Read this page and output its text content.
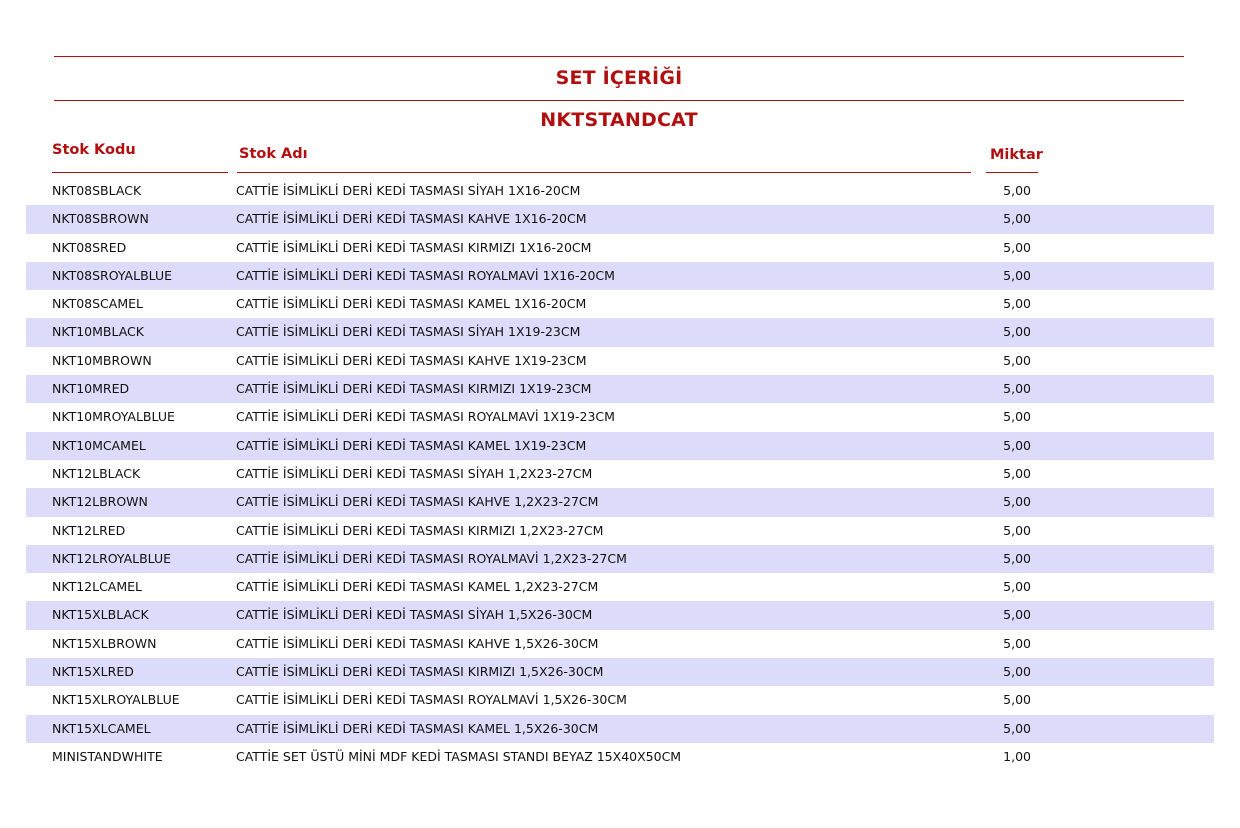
SET İÇERİĞİ
NKTSTANDCAT
Stok Kodu	Stok Adı	Miktar
NKT08SBLACK	CATTİE İSİMLİKLİ DERİ KEDİ TASMASI SİYAH 1X16-20CM	5,00
NKT08SBROWN	CATTİE İSİMLİKLİ DERİ KEDİ TASMASI KAHVE 1X16-20CM	5,00
NKT08SRED	CATTİE İSİMLİKLİ DERİ KEDİ TASMASI KIRMIZI 1X16-20CM	5,00
NKT08SROYALBLUE	CATTİE İSİMLİKLİ DERİ KEDİ TASMASI ROYALMAVİ 1X16-20CM	5,00
NKT08SCAMEL	CATTİE İSİMLİKLİ DERİ KEDİ TASMASI KAMEL 1X16-20CM	5,00
NKT10MBLACK	CATTİE İSİMLİKLİ DERİ KEDİ TASMASI SİYAH 1X19-23CM	5,00
NKT10MBROWN	CATTİE İSİMLİKLİ DERİ KEDİ TASMASI KAHVE 1X19-23CM	5,00
NKT10MRED	CATTİE İSİMLİKLİ DERİ KEDİ TASMASI KIRMIZI 1X19-23CM	5,00
NKT10MROYALBLUE	CATTİE İSİMLİKLİ DERİ KEDİ TASMASI ROYALMAVİ 1X19-23CM	5,00
NKT10MCAMEL	CATTİE İSİMLİKLİ DERİ KEDİ TASMASI KAMEL 1X19-23CM	5,00
NKT12LBLACK	CATTİE İSİMLİKLİ DERİ KEDİ TASMASI SİYAH 1,2X23-27CM	5,00
NKT12LBROWN	CATTİE İSİMLİKLİ DERİ KEDİ TASMASI KAHVE 1,2X23-27CM	5,00
NKT12LRED	CATTİE İSİMLİKLİ DERİ KEDİ TASMASI KIRMIZI 1,2X23-27CM	5,00
NKT12LROYALBLUE	CATTİE İSİMLİKLİ DERİ KEDİ TASMASI ROYALMAVİ 1,2X23-27CM	5,00
NKT12LCAMEL	CATTİE İSİMLİKLİ DERİ KEDİ TASMASI KAMEL 1,2X23-27CM	5,00
NKT15XLBLACK	CATTİE İSİMLİKLİ DERİ KEDİ TASMASI SİYAH 1,5X26-30CM	5,00
NKT15XLBROWN	CATTİE İSİMLİKLİ DERİ KEDİ TASMASI KAHVE 1,5X26-30CM	5,00
NKT15XLRED	CATTİE İSİMLİKLİ DERİ KEDİ TASMASI KIRMIZI 1,5X26-30CM	5,00
NKT15XLROYALBLUE	CATTİE İSİMLİKLİ DERİ KEDİ TASMASI ROYALMAVİ 1,5X26-30CM	5,00
NKT15XLCAMEL	CATTİE İSİMLİKLİ DERİ KEDİ TASMASI KAMEL 1,5X26-30CM	5,00
MINISTANDWHITE	CATTİE SET ÜSTÜ MİNİ MDF KEDİ TASMASI STANDI BEYAZ 15X40X50CM	1,00
